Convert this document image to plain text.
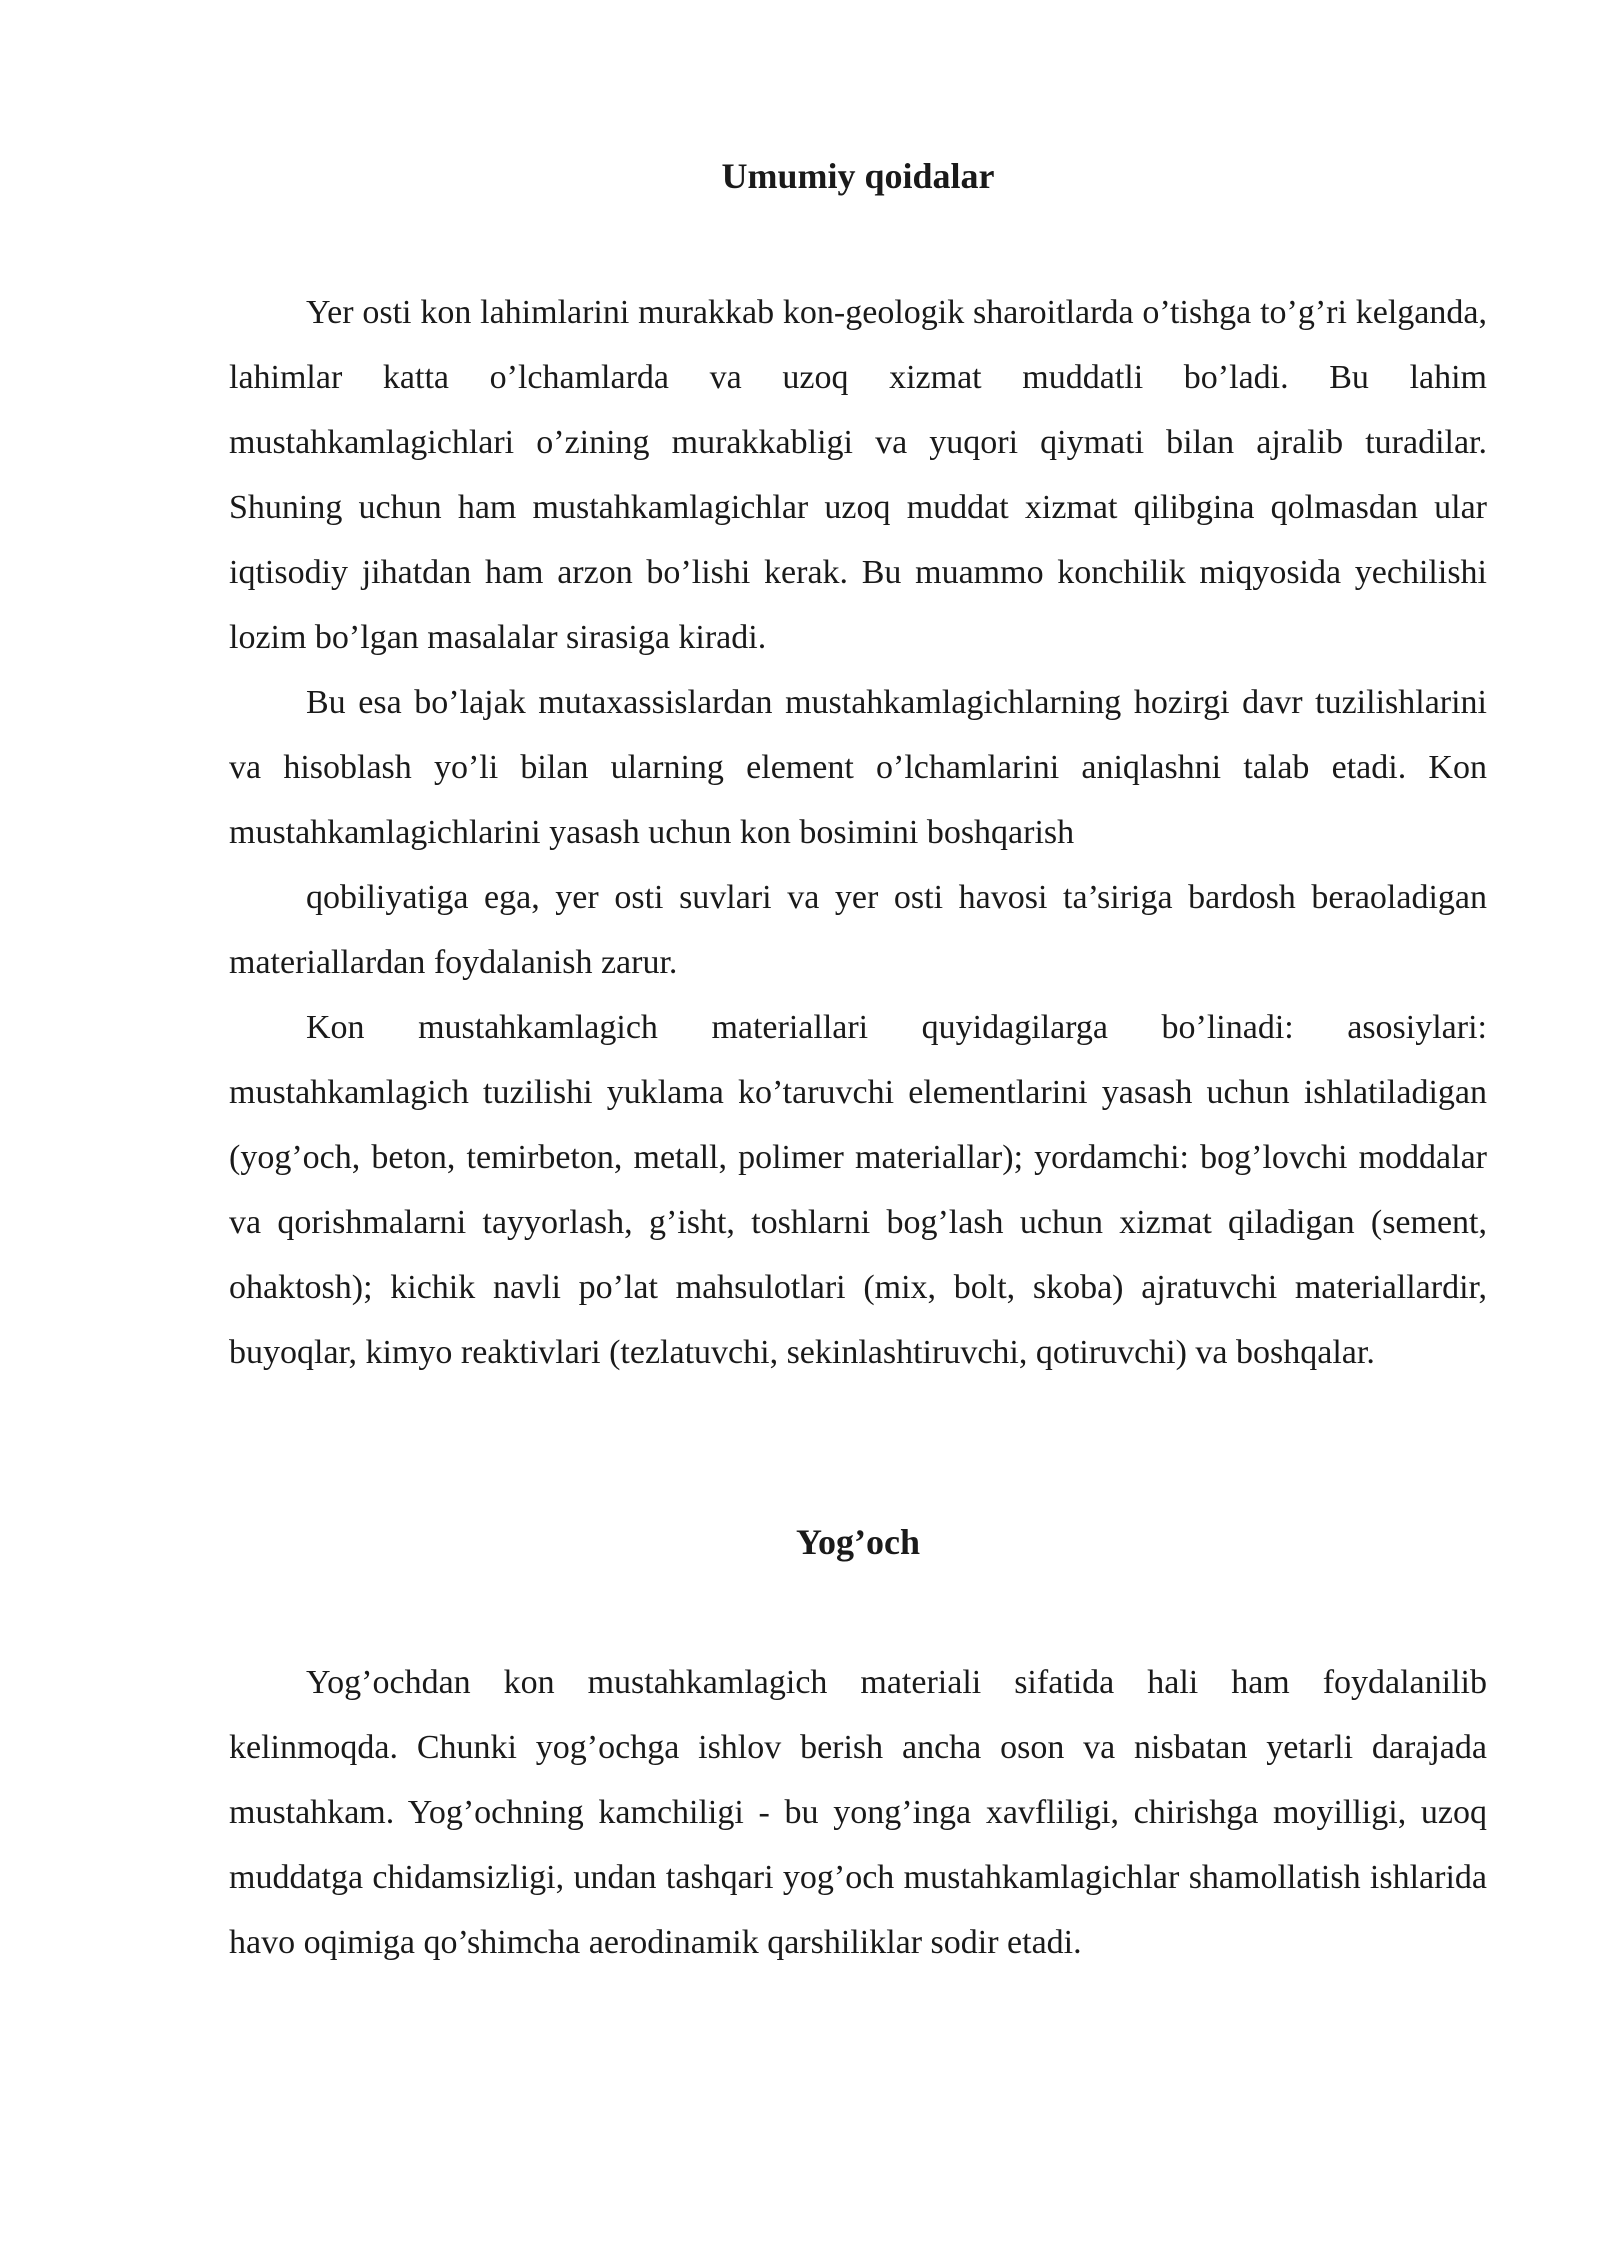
Umumiy qoidalar

Yer osti kon lahimlarini murakkab kon-geologik sharoitlarda o’tishga to’g’ri kelganda, lahimlar katta o’lchamlarda va uzoq xizmat muddatli bo’ladi. Bu lahim mustahkamlagichlari o’zining murakkabligi va yuqori qiymati bilan ajralib turadilar. Shuning uchun ham mustahkamlagichlar uzoq muddat xizmat qilibgina qolmasdan ular iqtisodiy jihatdan ham arzon bo’lishi kerak. Bu muammo konchilik miqyosida yechilishi lozim bo’lgan masalalar sirasiga kiradi.

Bu esa bo’lajak mutaxassislardan mustahkamlagichlarning hozirgi davr tuzilishlarini va hisoblash yo’li bilan ularning element o’lchamlarini aniqlashni talab etadi. Kon mustahkamlagichlarini yasash uchun kon bosimini boshqarish

qobiliyatiga ega, yer osti suvlari va yer osti havosi ta’siriga bardosh beraoladigan materiallardan foydalanish zarur.

Kon mustahkamlagich materiallari quyidagilarga bo’linadi: asosiylari: mustahkamlagich tuzilishi yuklama ko’taruvchi elementlarini yasash uchun ishlatiladigan (yog’och, beton, temirbeton, metall, polimer materiallar); yordamchi: bog’lovchi moddalar va qorishmalarni tayyorlash, g’isht, toshlarni bog’lash uchun xizmat qiladigan (sement, ohaktosh); kichik navli po’lat mahsulotlari (mix, bolt, skoba) ajratuvchi materiallardir, buyoqlar, kimyo reaktivlari (tezlatuvchi, sekinlashtiruvchi, qotiruvchi) va boshqalar.

Yog’och

Yog’ochdan kon mustahkamlagich materiali sifatida hali ham foydalanilib kelinmoqda. Chunki yog’ochga ishlov berish ancha oson va nisbatan yetarli darajada mustahkam. Yog’ochning kamchiligi - bu yong’inga xavfliligi, chirishga moyilligi, uzoq muddatga chidamsizligi, undan tashqari yog’och mustahkamlagichlar shamollatish ishlarida havo oqimiga qo’shimcha aerodinamik qarshiliklar sodir etadi.
